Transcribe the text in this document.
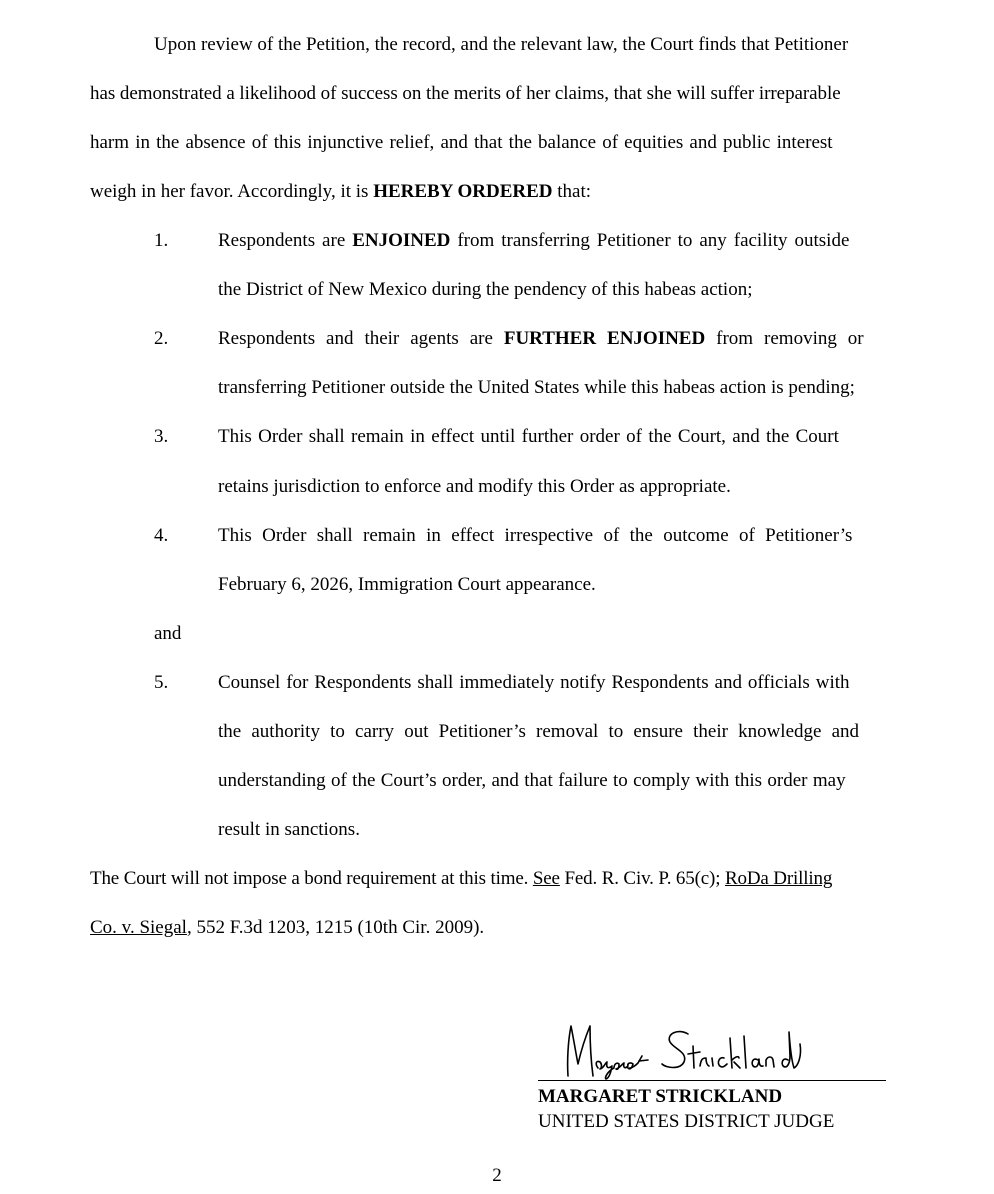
Upon review of the Petition, the record, and the relevant law, the Court finds that Petitioner
has demonstrated a likelihood of success on the merits of her claims, that she will suffer irreparable
harm in the absence of this injunctive relief, and that the balance of equities and public interest
weigh in her favor. Accordingly, it is HEREBY ORDERED that:
1.	Respondents are ENJOINED from transferring Petitioner to any facility outside
the District of New Mexico during the pendency of this habeas action;
2.	Respondents and their agents are FURTHER ENJOINED from removing or
transferring Petitioner outside the United States while this habeas action is pending;
3.	This Order shall remain in effect until further order of the Court, and the Court
retains jurisdiction to enforce and modify this Order as appropriate.
4.	This Order shall remain in effect irrespective of the outcome of Petitioner’s
February 6, 2026, Immigration Court appearance.
and
5.	Counsel for Respondents shall immediately notify Respondents and officials with
the authority to carry out Petitioner’s removal to ensure their knowledge and
understanding of the Court’s order, and that failure to comply with this order may
result in sanctions.
The Court will not impose a bond requirement at this time. See Fed. R. Civ. P. 65(c); RoDa Drilling
Co. v. Siegal, 552 F.3d 1203, 1215 (10th Cir. 2009).
MARGARET STRICKLAND
UNITED STATES DISTRICT JUDGE
2
